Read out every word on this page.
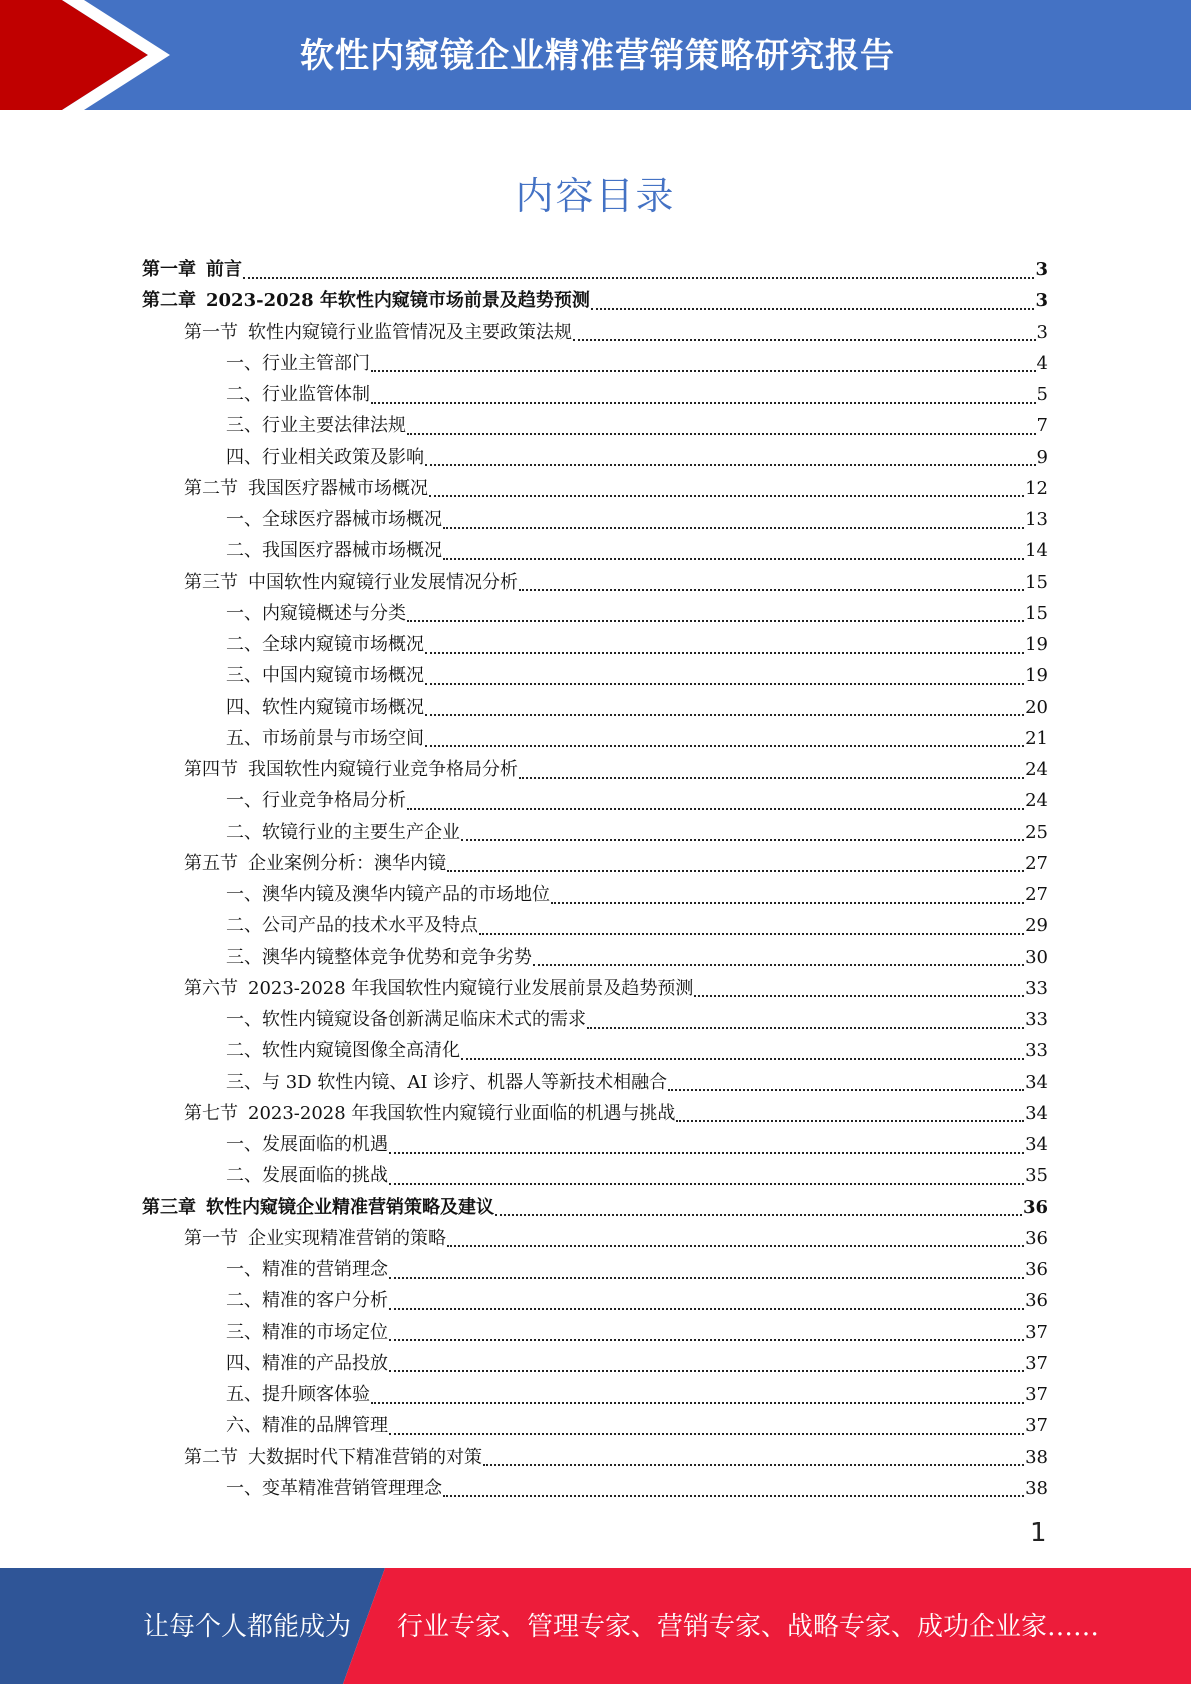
软性内窥镜企业精准营销策略研究报告
内容目录
第一章 前言	3
第二章 2023-2028 年软性内窥镜市场前景及趋势预测	3
第一节 软性内窥镜行业监管情况及主要政策法规	3
一、行业主管部门	4
二、行业监管体制	5
三、行业主要法律法规	7
四、行业相关政策及影响	9
第二节 我国医疗器械市场概况	12
一、全球医疗器械市场概况	13
二、我国医疗器械市场概况	14
第三节 中国软性内窥镜行业发展情况分析	15
一、内窥镜概述与分类	15
二、全球内窥镜市场概况	19
三、中国内窥镜市场概况	19
四、软性内窥镜市场概况	20
五、市场前景与市场空间	21
第四节 我国软性内窥镜行业竞争格局分析	24
一、行业竞争格局分析	24
二、软镜行业的主要生产企业	25
第五节 企业案例分析：澳华内镜	27
一、澳华内镜及澳华内镜产品的市场地位	27
二、公司产品的技术水平及特点	29
三、澳华内镜整体竞争优势和竞争劣势	30
第六节 2023-2028 年我国软性内窥镜行业发展前景及趋势预测	33
一、软性内镜窥设备创新满足临床术式的需求	33
二、软性内窥镜图像全高清化	33
三、与 3D 软性内镜、AI 诊疗、机器人等新技术相融合	34
第七节 2023-2028 年我国软性内窥镜行业面临的机遇与挑战	34
一、发展面临的机遇	34
二、发展面临的挑战	35
第三章 软性内窥镜企业精准营销策略及建议	36
第一节 企业实现精准营销的策略	36
一、精准的营销理念	36
二、精准的客户分析	36
三、精准的市场定位	37
四、精准的产品投放	37
五、提升顾客体验	37
六、精准的品牌管理	37
第二节 大数据时代下精准营销的对策	38
一、变革精准营销管理理念	38
1
让每个人都能成为 行业专家、管理专家、营销专家、战略专家、成功企业家……
